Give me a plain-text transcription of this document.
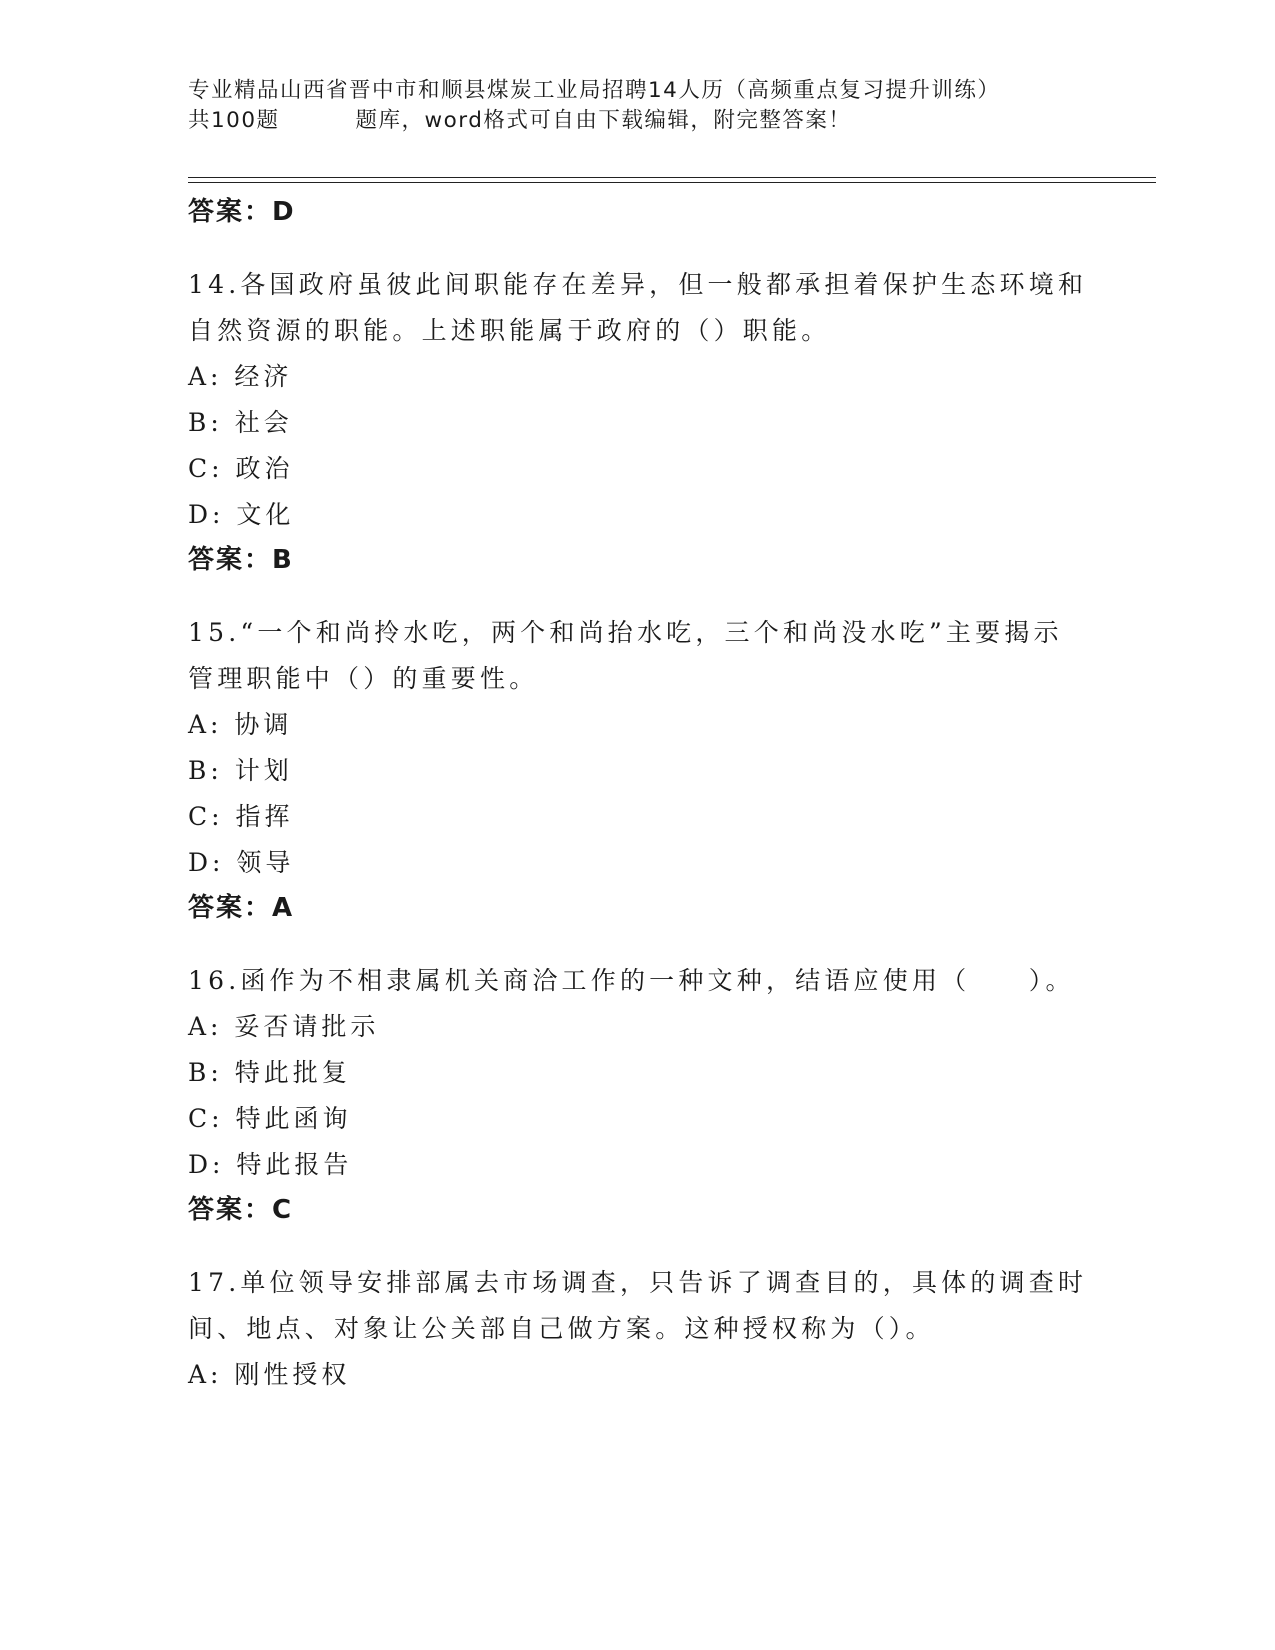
专业精品山西省晋中市和顺县煤炭工业局招聘14人历（高频重点复习提升训练）
共100题	题库，word格式可自由下载编辑，附完整答案！
答案：D

14.各国政府虽彼此间职能存在差异，但一般都承担着保护生态环境和自然资源的职能。上述职能属于政府的（）职能。

A: 经济
B: 社会
C: 政治
D: 文化
答案：B

15.“一个和尚拎水吃，两个和尚抬水吃，三个和尚没水吃”主要揭示管理职能中（）的重要性。

A: 协调
B: 计划
C: 指挥
D: 领导
答案：A

16.函作为不相隶属机关商洽工作的一种文种，结语应使用（　　）。

A: 妥否请批示
B: 特此批复
C: 特此函询
D: 特此报告
答案：C

17.单位领导安排部属去市场调查，只告诉了调查目的，具体的调查时间、地点、对象让公关部自己做方案。这种授权称为（）。

A: 刚性授权
